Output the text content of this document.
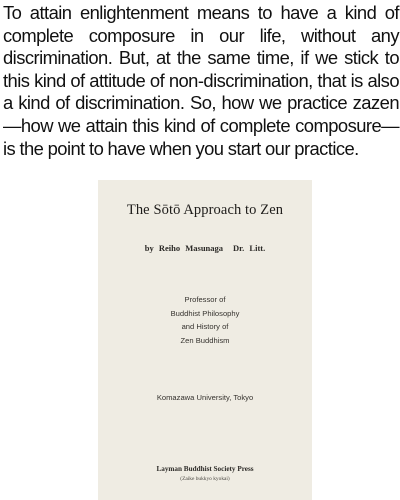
To attain enlightenment means to have a kind of complete composure in our life, without any discrimination. But, at the same time, if we stick to this kind of attitude of non-discrimination, that is also a kind of discrimination. So, how we practice zazen—how we attain this kind of complete composure—is the point to have when you start our practice.

The Sōtō Approach to Zen
by Reiho Masunaga Dr. Litt.
Professor of
Buddhist Philosophy
and History of
Zen Buddhism
Komazawa University, Tokyo
Layman Buddhist Society Press
(Zaike bukkyo kyokai)
